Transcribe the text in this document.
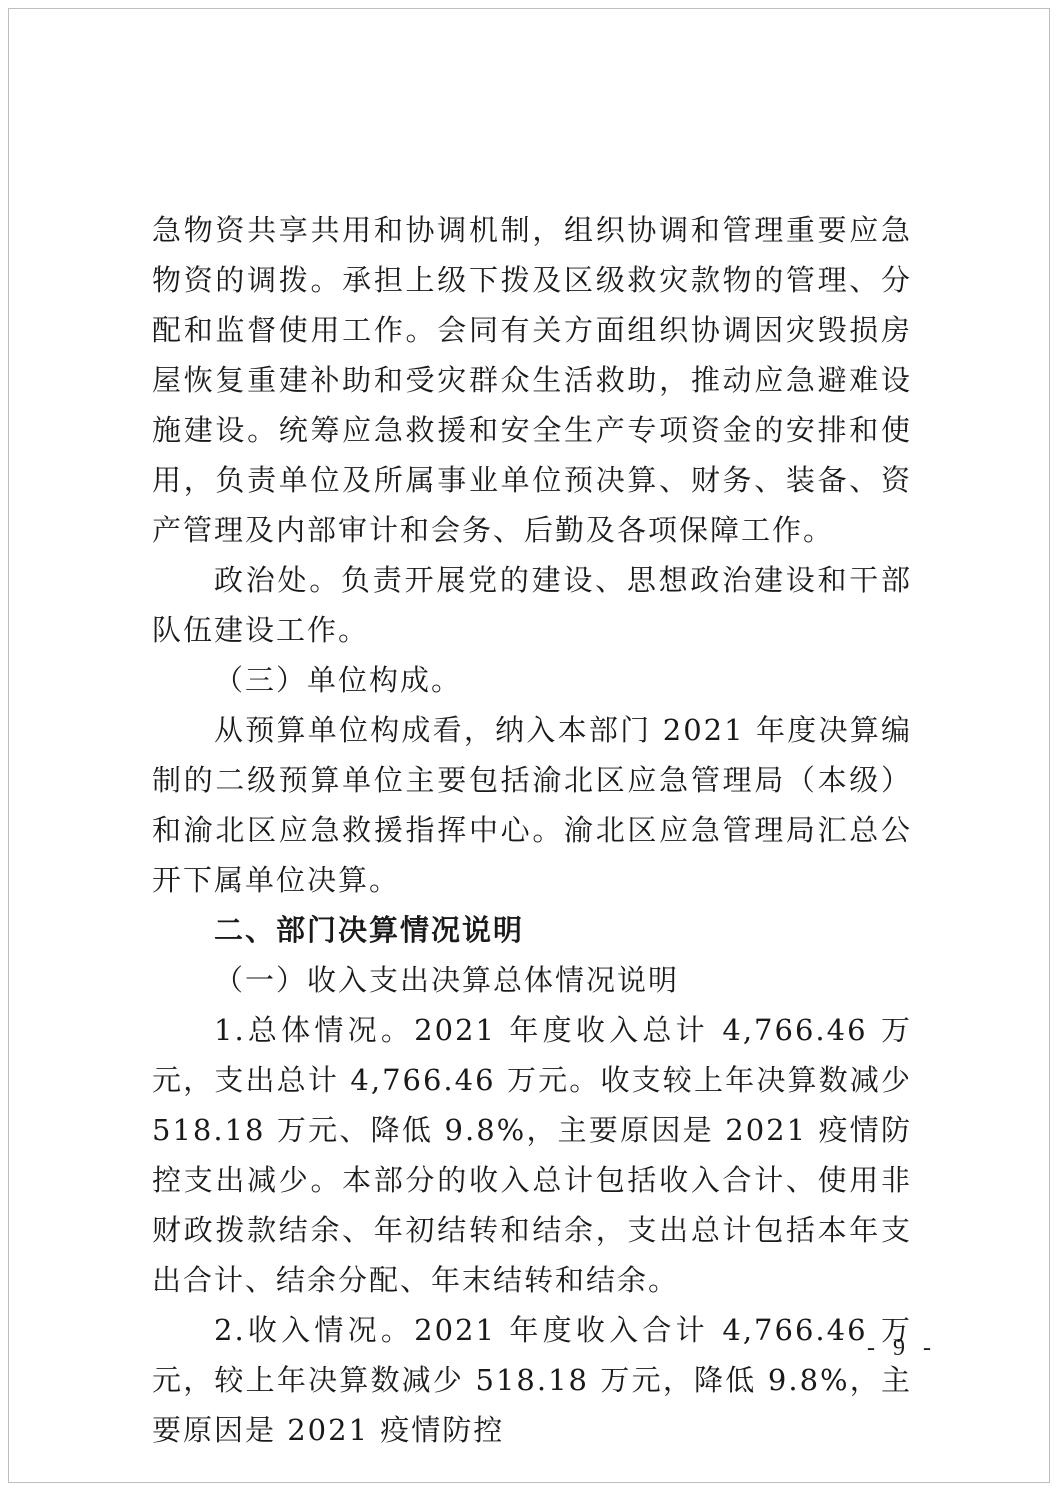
急物资共享共用和协调机制，组织协调和管理重要应急物资的调拨。承担上级下拨及区级救灾款物的管理、分配和监督使用工作。会同有关方面组织协调因灾毁损房屋恢复重建补助和受灾群众生活救助，推动应急避难设施建设。统筹应急救援和安全生产专项资金的安排和使用，负责单位及所属事业单位预决算、财务、装备、资产管理及内部审计和会务、后勤及各项保障工作。

政治处。负责开展党的建设、思想政治建设和干部队伍建设工作。

（三）单位构成。

从预算单位构成看，纳入本部门 2021 年度决算编制的二级预算单位主要包括渝北区应急管理局（本级）和渝北区应急救援指挥中心。渝北区应急管理局汇总公开下属单位决算。

二、部门决算情况说明

（一）收入支出决算总体情况说明

1.总体情况。2021 年度收入总计 4,766.46 万元，支出总计 4,766.46 万元。收支较上年决算数减少 518.18 万元、降低 9.8%，主要原因是 2021 疫情防控支出减少。本部分的收入总计包括收入合计、使用非财政拨款结余、年初结转和结余，支出总计包括本年支出合计、结余分配、年末结转和结余。

2.收入情况。2021 年度收入合计 4,766.46 万元，较上年决算数减少 518.18 万元，降低 9.8%，主要原因是 2021 疫情防控

- 9 -
